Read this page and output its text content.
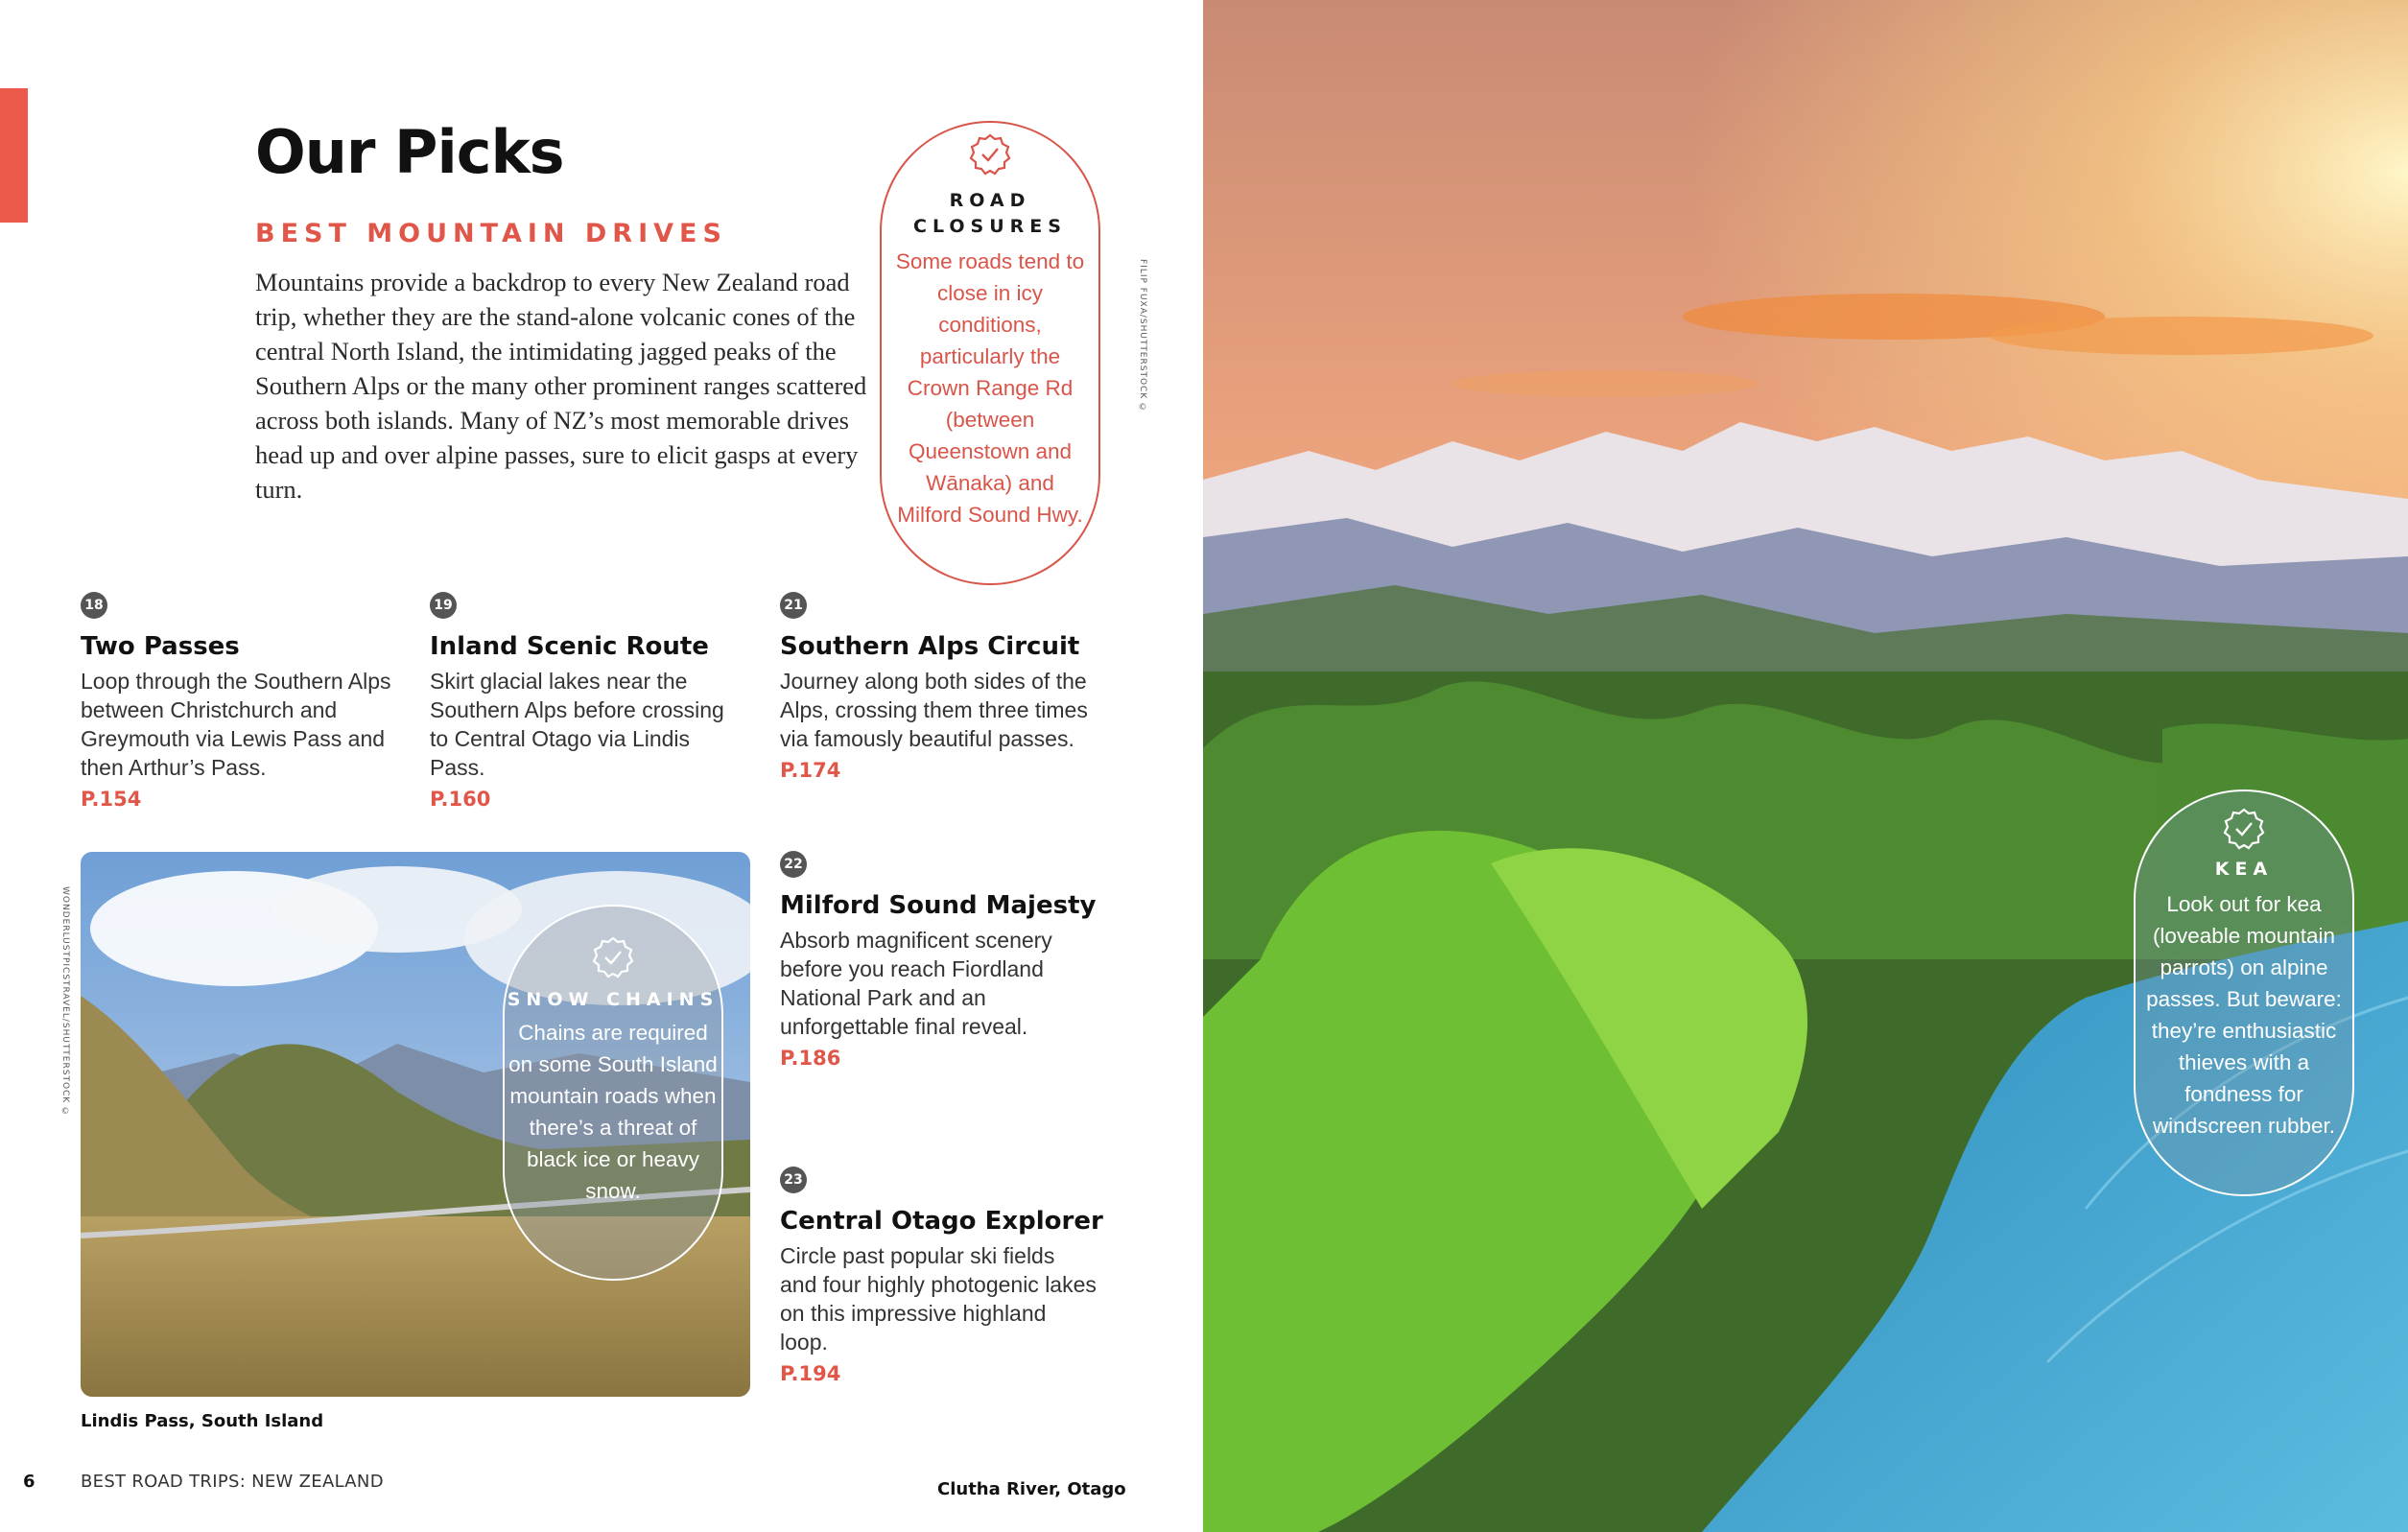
Our Picks
BEST MOUNTAIN DRIVES

Mountains provide a backdrop to every New Zealand road trip, whether they are the stand-alone volcanic cones of the central North Island, the intimidating jagged peaks of the Southern Alps or the many other prominent ranges scattered across both islands. Many of NZ’s most memorable drives head up and over alpine passes, sure to elicit gasps at every turn.

ROAD CLOSURES
Some roads tend to close in icy conditions, particularly the Crown Range Rd (between Queenstown and Wānaka) and Milford Sound Hwy.
FILIP FUXA/SHUTTERSTOCK ©
18
Two Passes
Loop through the Southern Alps between Christchurch and Greymouth via Lewis Pass and then Arthur’s Pass.
P.154
19
Inland Scenic Route
Skirt glacial lakes near the Southern Alps before crossing to Central Otago via Lindis Pass.
P.160
21
Southern Alps Circuit
Journey along both sides of the Alps, crossing them three times via famously beautiful passes.
P.174
WONDERLUSTPICSTRAVEL/SHUTTERSTOCK ©	SNOW CHAINS
Chains are required on some South Island mountain roads when there’s a threat of black ice or heavy snow.
22
Milford Sound Majesty
Absorb magnificent scenery before you reach Fiordland National Park and an unforgettable final reveal.
P.186
23
Central Otago Explorer
Circle past popular ski fields and four highly photogenic lakes on this impressive highland loop.
P.194
Lindis Pass, South Island
Clutha River, Otago
6	BEST ROAD TRIPS: NEW ZEALAND
KEA
Look out for kea (loveable mountain parrots) on alpine passes. But beware: they’re enthusiastic thieves with a fondness for windscreen rubber.
